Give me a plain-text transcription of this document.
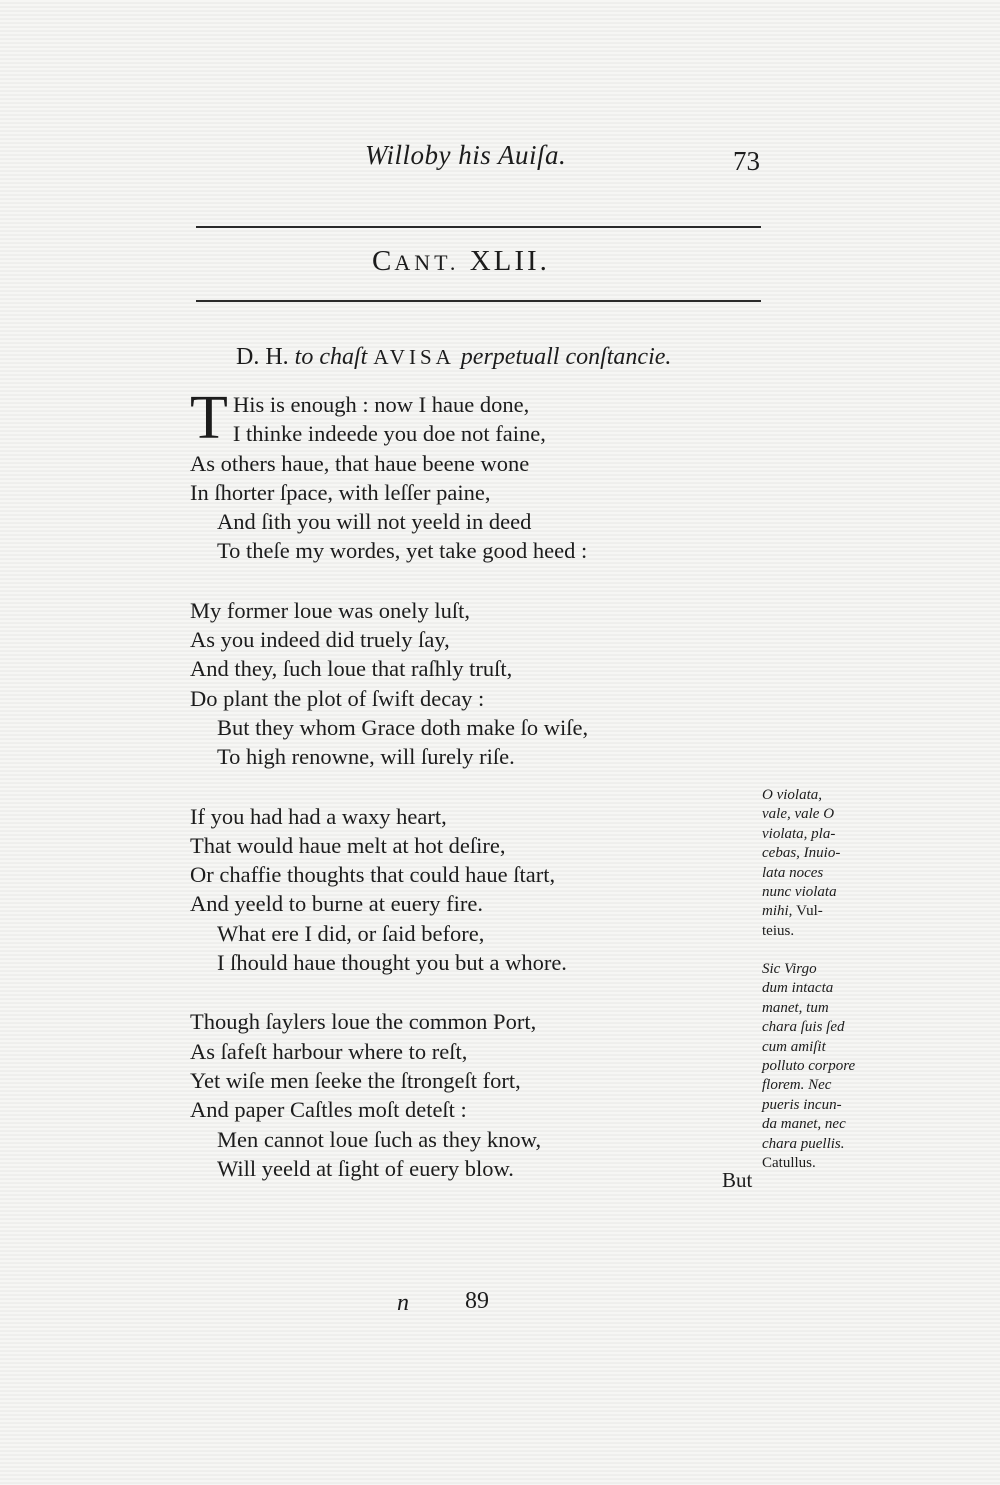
Willoby his Auiſa.	73
CANT. XLII.
D. H. to chaſt AVISA perpetuall conſtancie.
T His is enough : now I haue done,
I thinke indeede you doe not faine,
As others haue, that haue beene wone
In ſhorter ſpace, with leſſer paine,
And ſith you will not yeeld in deed
To theſe my wordes, yet take good heed :
My former loue was onely luſt,
As you indeed did truely ſay,
And they, ſuch loue that raſhly truſt,
Do plant the plot of ſwift decay :
But they whom Grace doth make ſo wiſe,
To high renowne, will ſurely riſe.
If you had had a waxy heart,
That would haue melt at hot deſire,
Or chaffie thoughts that could haue ſtart,
And yeeld to burne at euery fire.
What ere I did, or ſaid before,
I ſhould haue thought you but a whore.
Though ſaylers loue the common Port,
As ſafeſt harbour where to reſt,
Yet wiſe men ſeeke the ſtrongeſt fort,
And paper Caſtles moſt deteſt :
Men cannot loue ſuch as they know,
Will yeeld at ſight of euery blow.
O violata,
vale, vale O
violata, pla-
cebas, Inuio-
lata noces
nunc violata
mihi, Vul-
teius.
Sic Virgo
dum intacta
manet, tum
chara ſuis ſed
cum amiſit
polluto corpore
florem. Nec
pueris incun-
da manet, nec
chara puellis.
Catullus.
But
n 89
